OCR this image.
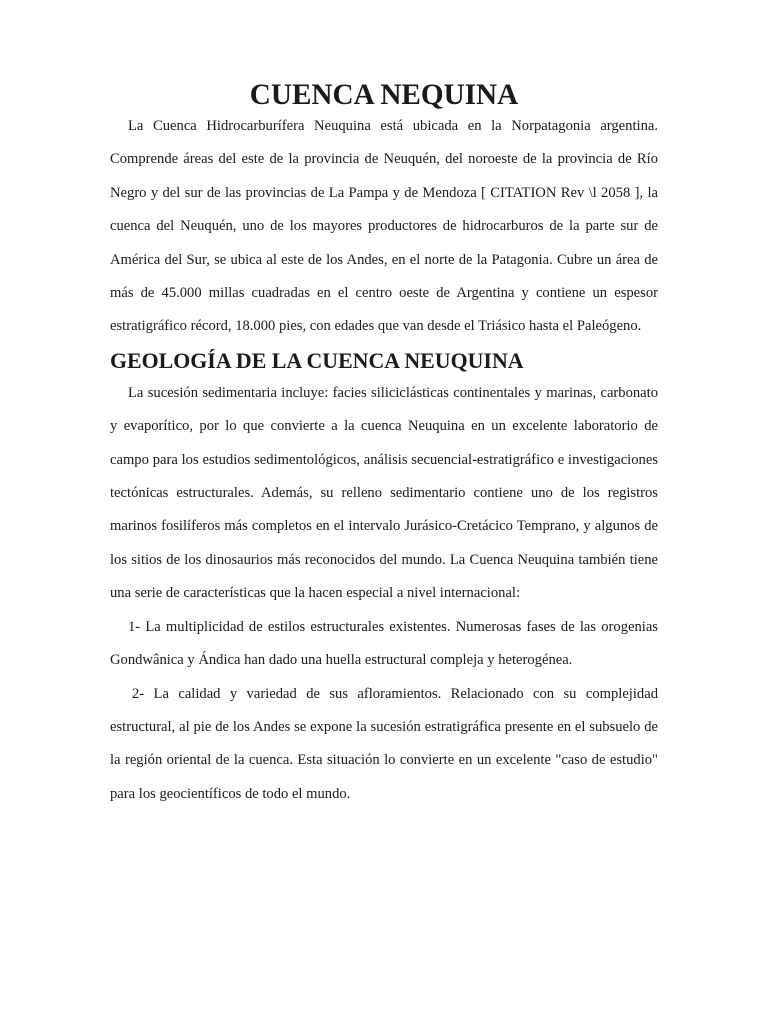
CUENCA NEQUINA

La Cuenca Hidrocarburífera Neuquina está ubicada en la Norpatagonia argentina. Comprende áreas del este de la provincia de Neuquén, del noroeste de la provincia de Río Negro y del sur de las provincias de La Pampa y de Mendoza [ CITATION Rev \l 2058 ], la cuenca del Neuquén, uno de los mayores productores de hidrocarburos de la parte sur de América del Sur, se ubica al este de los Andes, en el norte de la Patagonia. Cubre un área de más de 45.000 millas cuadradas en el centro oeste de Argentina y contiene un espesor estratigráfico récord, 18.000 pies, con edades que van desde el Triásico hasta el Paleógeno.

GEOLOGÍA DE LA CUENCA NEUQUINA

La sucesión sedimentaria incluye: facies siliciclásticas continentales y marinas, carbonato y evaporítico, por lo que convierte a la cuenca Neuquina en un excelente laboratorio de campo para los estudios sedimentológicos, análisis secuencial-estratigráfico e investigaciones tectónicas estructurales. Además, su relleno sedimentario contiene uno de los registros marinos fosilíferos más completos en el intervalo Jurásico-Cretácico Temprano, y algunos de los sitios de los dinosaurios más reconocidos del mundo. La Cuenca Neuquina también tiene una serie de características que la hacen especial a nivel internacional:

1- La multiplicidad de estilos estructurales existentes. Numerosas fases de las orogenias Gondwânica y Ándica han dado una huella estructural compleja y heterogénea.

2- La calidad y variedad de sus afloramientos. Relacionado con su complejidad estructural, al pie de los Andes se expone la sucesión estratigráfica presente en el subsuelo de la región oriental de la cuenca. Esta situación lo convierte en un excelente "caso de estudio" para los geocientíficos de todo el mundo.
